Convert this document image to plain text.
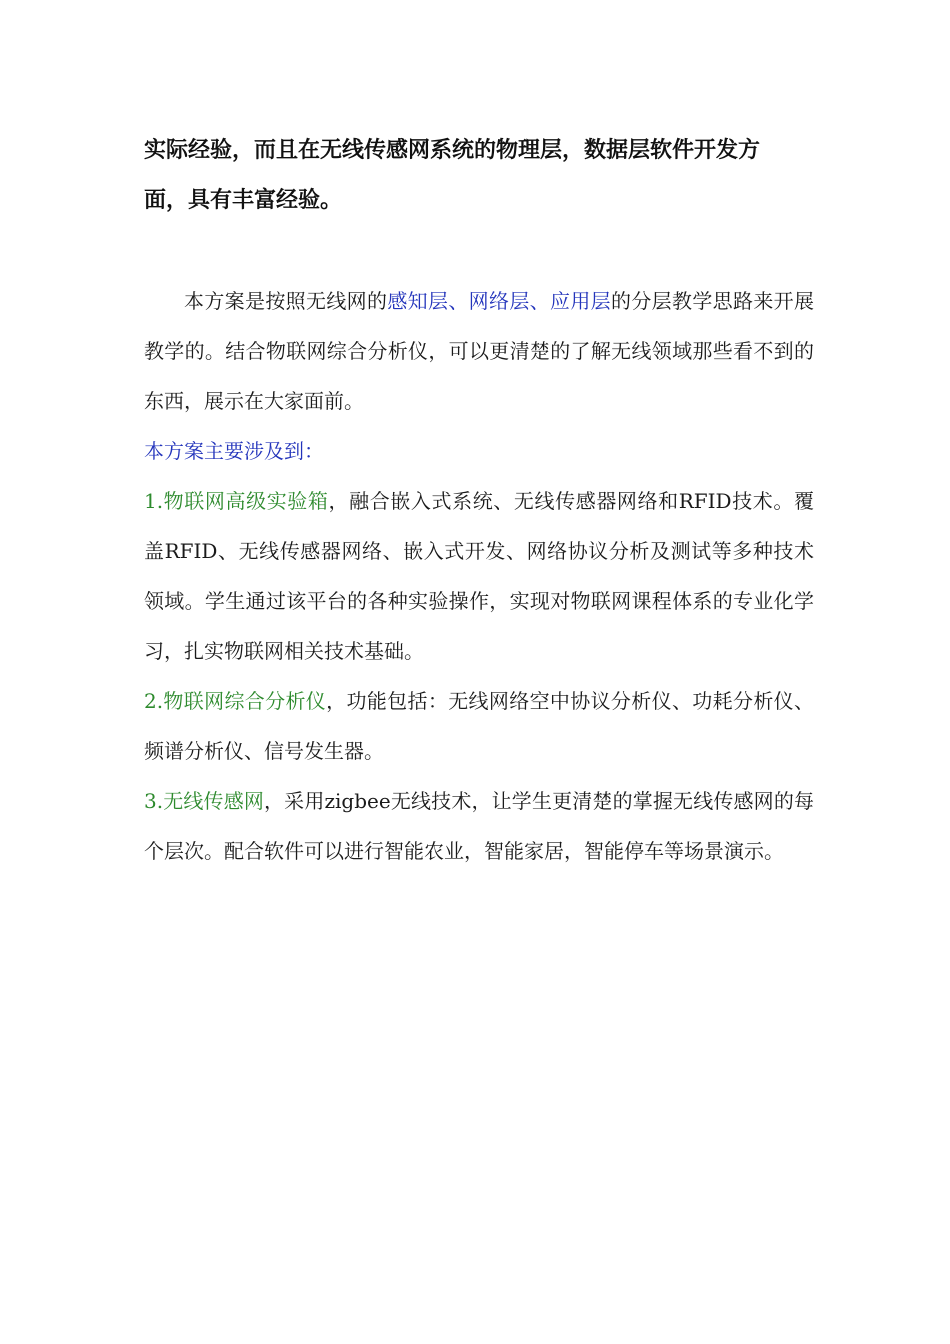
实际经验，而且在无线传感网系统的物理层，数据层软件开发方
面，具有丰富经验。

本方案是按照无线网的感知层、网络层、应用层的分层教学思路来开展教学的。结合物联网综合分析仪，可以更清楚的了解无线领域那些看不到的东西，展示在大家面前。

本方案主要涉及到：

1.物联网高级实验箱，融合嵌入式系统、无线传感器网络和RFID技术。覆盖RFID、无线传感器网络、嵌入式开发、网络协议分析及测试等多种技术领域。学生通过该平台的各种实验操作，实现对物联网课程体系的专业化学习，扎实物联网相关技术基础。

2.物联网综合分析仪，功能包括：无线网络空中协议分析仪、功耗分析仪、频谱分析仪、信号发生器。

3.无线传感网，采用zigbee无线技术，让学生更清楚的掌握无线传感网的每个层次。配合软件可以进行智能农业，智能家居，智能停车等场景演示。
